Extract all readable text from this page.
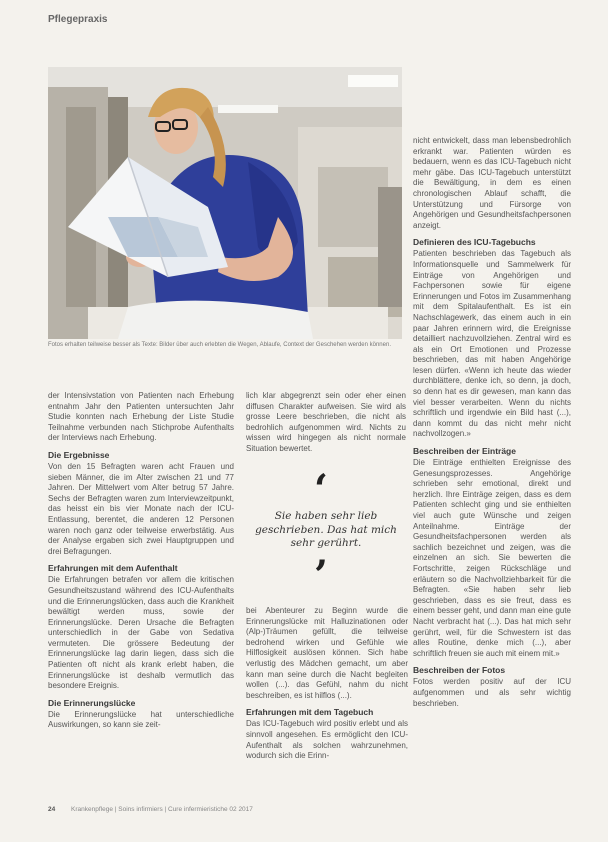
Pflegepraxis
Fotos erhalten teilweise besser als Texte: Bilder über auch erlebten die Wegen, Ablaufe, Context der Geschehen werden können.

der Intensivstation von Patienten nach Erhebung entnahm Jahr den Patienten untersuchten Jahr Studie konnten nach Erhebung der Liste Studie Teilnahme verbunden nach Stichprobe Aufenthalts der Interviews nach Erhebung.

Die Ergebnisse

Von den 15 Befragten waren acht Frauen und sieben Männer, die im Alter zwischen 21 und 77 Jahren. Der Mittelwert vom Alter betrug 57 Jahre. Sechs der Befragten waren zum Interviewzeitpunkt, das heisst ein bis vier Monate nach der ICU-Entlassung, berentet, die anderen 12 Personen waren noch ganz oder teilweise erwerbstätig. Aus der Analyse ergaben sich zwei Hauptgruppen und drei Befragungen.

Erfahrungen mit dem Aufenthalt

Die Erfahrungen betrafen vor allem die kritischen Gesundheitszustand während des ICU-Aufenthalts und die Erinnerungslücken, dass auch die Krankheit bewältigt werden muss, sowie der Erinnerungslücke. Deren Ursache die Befragten unterschiedlich in der Gabe von Sedativa vermuteten. Die grössere Bedeutung der Erinnerungslücke lag darin liegen, dass sich die Patienten oft nicht als krank erlebt haben, die Erinnerungslücke ist deshalb vermutlich das besondere Ereignis.

Die Erinnerungslücke

Die Erinnerungslücke hat unterschiedliche Auswirkungen, so kann sie zeit-

lich klar abgegrenzt sein oder eher einen diffusen Charakter aufweisen. Sie wird als grosse Leere beschrieben, die nicht als bedrohlich aufgenommen wird. Nichts zu wissen wird hingegen als nicht normale Situation bewertet.

‘
Sie haben sehr lieb geschrieben. Das hat mich sehr gerührt.
’

bei Abenteurer zu Beginn wurde die Erinnerungslücke mit Halluzinationen oder (Alp-)Träumen gefüllt, die teilweise bedrohend wirken und Gefühle wie Hilflosigkeit auslösen können. Sich habe verlustig des Mädchen gemacht, um aber kann man seine durch die Nacht begleiten wollen (...). das Gefühl, nahm du nicht beschreiben, es ist hilflos (...).

Erfahrungen mit dem Tagebuch

Das ICU-Tagebuch wird positiv erlebt und als sinnvoll angesehen. Es ermöglicht den ICU-Aufenthalt als solchen wahrzunehmen, wodurch sich die Erinn-

nicht entwickelt, dass man lebensbedrohlich erkrankt war. Patienten würden es bedauern, wenn es das ICU-Tagebuch nicht mehr gäbe. Das ICU-Tagebuch unterstützt die Bewältigung, in dem es einen chronologischen Ablauf schafft, die Unterstützung und Fürsorge von Angehörigen und Gesundheitsfachpersonen anzeigt.

Definieren des ICU-Tagebuchs

Patienten beschrieben das Tagebuch als Informationsquelle und Sammelwerk für Einträge von Angehörigen und Fachpersonen sowie für eigene Erinnerungen und Fotos im Zusammenhang mit dem Spitalaufenthalt. Es ist ein Nachschlagewerk, das einem auch in ein paar Jahren erinnern wird, die Ereignisse detailliert nachzuvollziehen. Zentral wird es als ein Ort Emotionen und Prozesse beschrieben, das mit haben Angehörige lesen dürfen. «Wenn ich heute das wieder durchblättere, denke ich, so denn, ja doch, so denn hat es dir gewesen, man kann das viel besser verarbeiten. Wenn du nichts schriftlich und irgendwie ein Bild hast (...), dann kommt du das nicht mehr nicht nachvollzogen.»

Beschreiben der Einträge

Die Einträge enthielten Ereignisse des Genesungsprozesses. Angehörige schrieben sehr emotional, direkt und herzlich. Ihre Einträge zeigen, dass es dem Patienten schlecht ging und sie enthielten viel auch gute Wünsche und zeigen Anteilnahme. Einträge der Gesundheitsfachpersonen werden als sachlich bezeichnet und zeigen, was die einzelnen an sich. Sie bewerten die Fortschritte, zeigen Rückschläge und erläutern so die Nachvollziehbarkeit für die Befragten. «Sie haben sehr lieb geschrieben, dass es sie freut, dass es einem besser geht, und dann man eine gute Nacht verbracht hat (...). Das hat mich sehr gerührt, weil, für die Schwestern ist das alles Routine, denke mich (...), aber schriftlich freuen sie auch mit einem mit.»

Beschreiben der Fotos

Fotos werden positiv auf der ICU aufgenommen und als sehr wichtig beschrieben.

24 Krankenpflege | Soins infirmiers | Cure infermieristiche 02 2017
